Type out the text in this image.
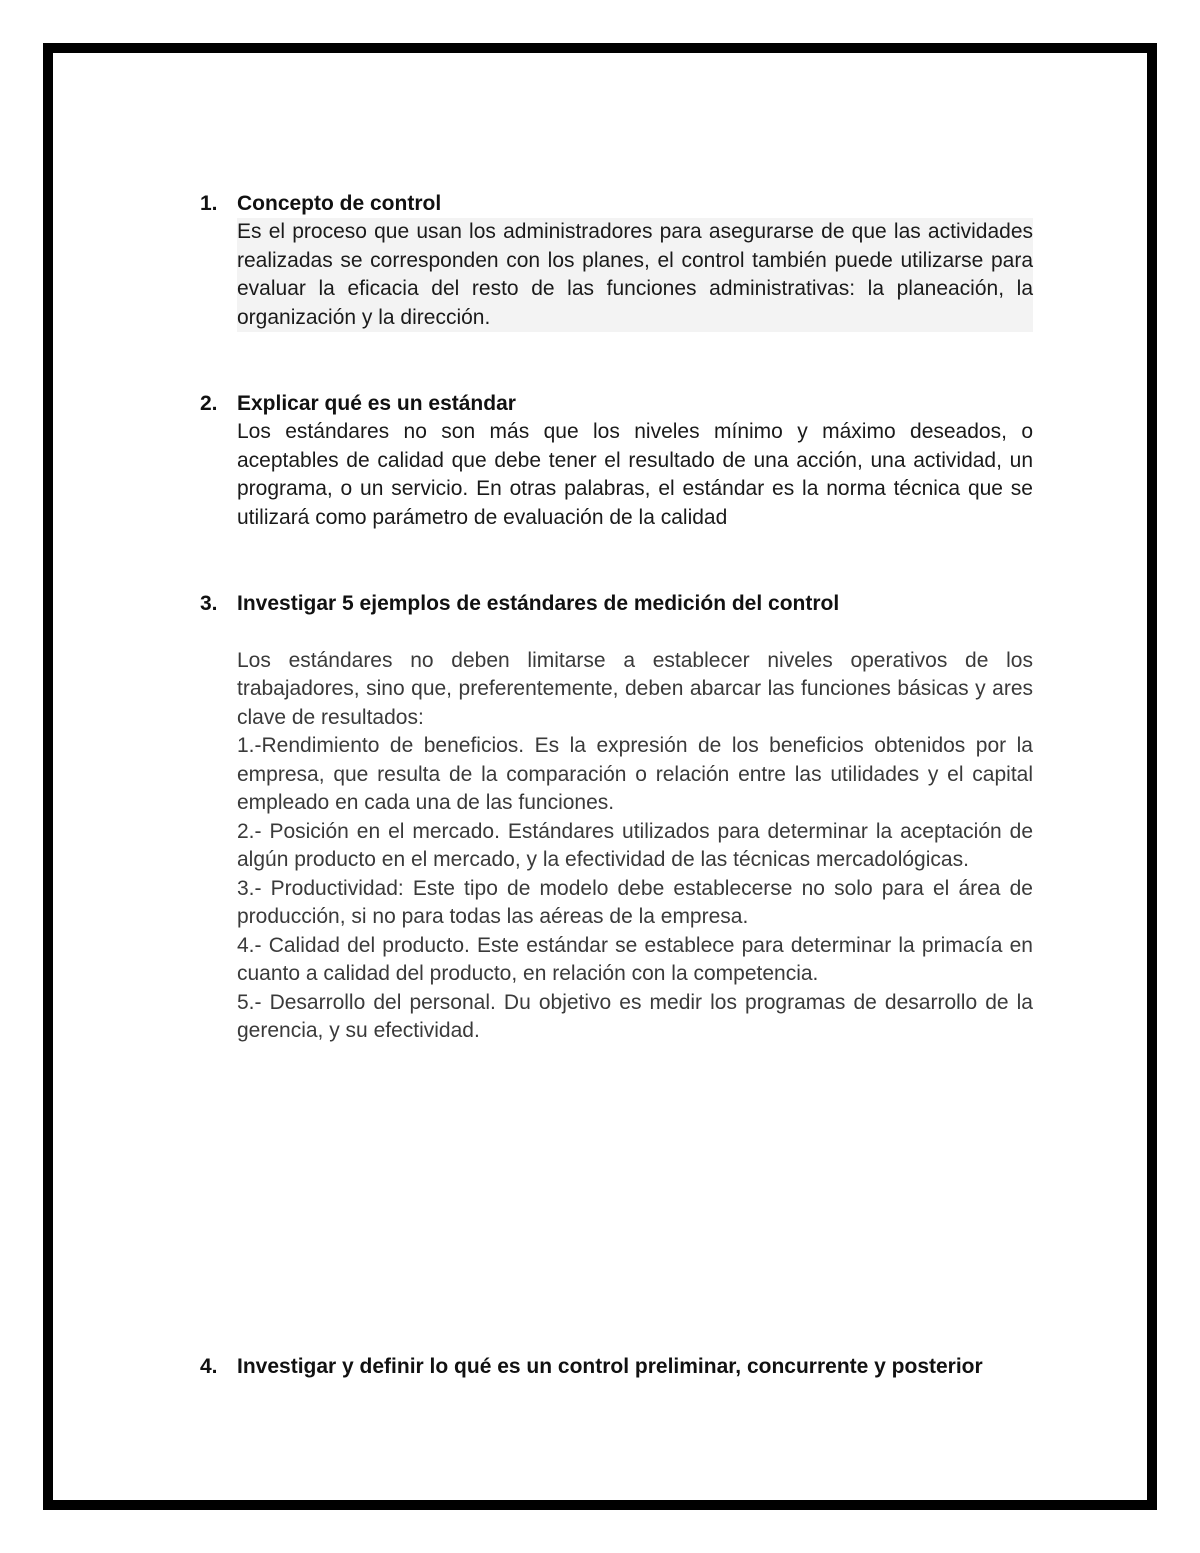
1. Concepto de control

Es el proceso que usan los administradores para asegurarse de que las actividades realizadas se corresponden con los planes, el control también puede utilizarse para evaluar la eficacia del resto de las funciones administrativas: la planeación, la organización y la dirección.

2. Explicar qué es un estándar

Los estándares no son más que los niveles mínimo y máximo deseados, o aceptables de calidad que debe tener el resultado de una acción, una actividad, un programa, o un servicio. En otras palabras, el estándar es la norma técnica que se utilizará como parámetro de evaluación de la calidad

3. Investigar 5 ejemplos de estándares de medición del control

Los estándares no deben limitarse a establecer niveles operativos de los trabajadores, sino que, preferentemente, deben abarcar las funciones básicas y ares clave de resultados:

1.-Rendimiento de beneficios. Es la expresión de los beneficios obtenidos por la empresa, que resulta de la comparación o relación entre las utilidades y el capital empleado en cada una de las funciones.

2.- Posición en el mercado. Estándares utilizados para determinar la aceptación de algún producto en el mercado, y la efectividad de las técnicas mercadológicas.

3.- Productividad: Este tipo de modelo debe establecerse no solo para el área de producción, si no para todas las aéreas de la empresa.

4.- Calidad del producto. Este estándar se establece para determinar la primacía en cuanto a calidad del producto, en relación con la competencia.

5.- Desarrollo del personal. Du objetivo es medir los programas de desarrollo de la gerencia, y su efectividad.

4. Investigar y definir lo qué es un control preliminar, concurrente y posterior
